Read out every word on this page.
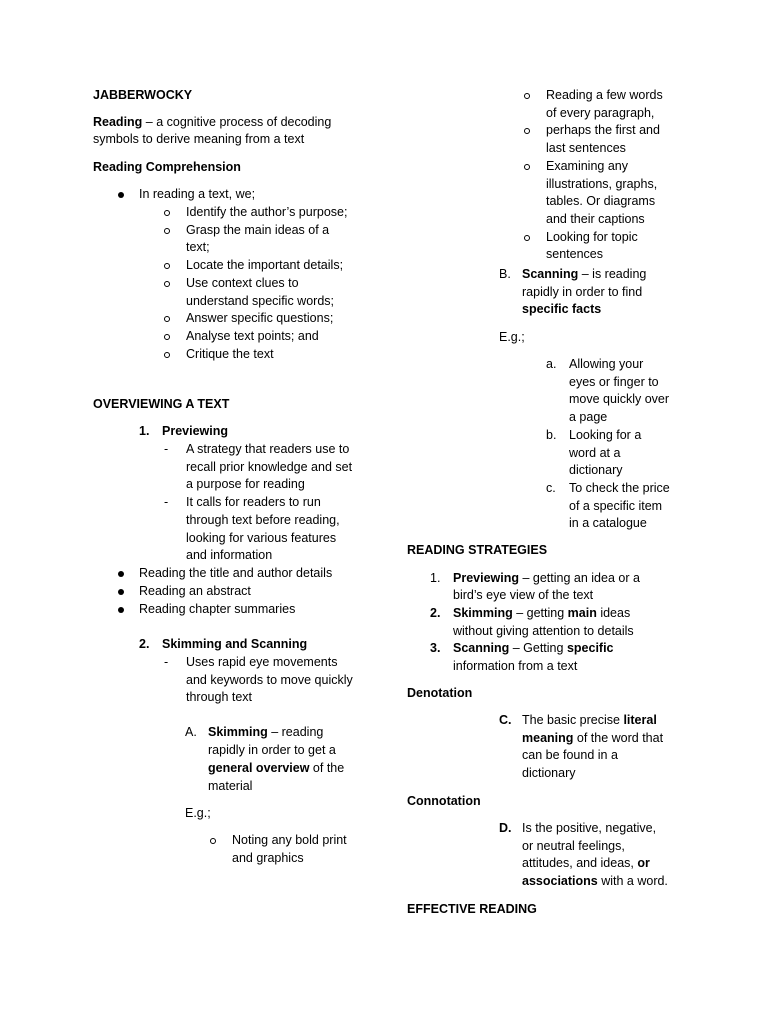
JABBERWOCKY
Reading – a cognitive process of decoding
symbols to derive meaning from a text
Reading Comprehension
In reading a text, we;
Identify the author’s purpose;
Grasp the main ideas of a
text;
Locate the important details;
Use context clues to
understand specific words;
Answer specific questions;
Analyse text points; and
Critique the text
OVERVIEWING A TEXT
1. Previewing
- A strategy that readers use to
recall prior knowledge and set
a purpose for reading
- It calls for readers to run
through text before reading,
looking for various features
and information
Reading the title and author details
Reading an abstract
Reading chapter summaries
2. Skimming and Scanning
- Uses rapid eye movements
and keywords to move quickly
through text
A. Skimming – reading
rapidly in order to get a
general overview of the
material
E.g.;
Noting any bold print
and graphics
Reading a few words
of every paragraph,
perhaps the first and
last sentences
Examining any
illustrations, graphs,
tables. Or diagrams
and their captions
Looking for topic
sentences
B. Scanning – is reading
rapidly in order to find
specific facts
E.g.;
a. Allowing your
eyes or finger to
move quickly over
a page
b. Looking for a
word at a
dictionary
c. To check the price
of a specific item
in a catalogue
READING STRATEGIES
1. Previewing – getting an idea or a
bird’s eye view of the text
2. Skimming – getting main ideas
without giving attention to details
3. Scanning – Getting specific
information from a text
Denotation
C. The basic precise literal
meaning of the word that
can be found in a
dictionary
Connotation
D. Is the positive, negative,
or neutral feelings,
attitudes, and ideas, or
associations with a word.
EFFECTIVE READING
